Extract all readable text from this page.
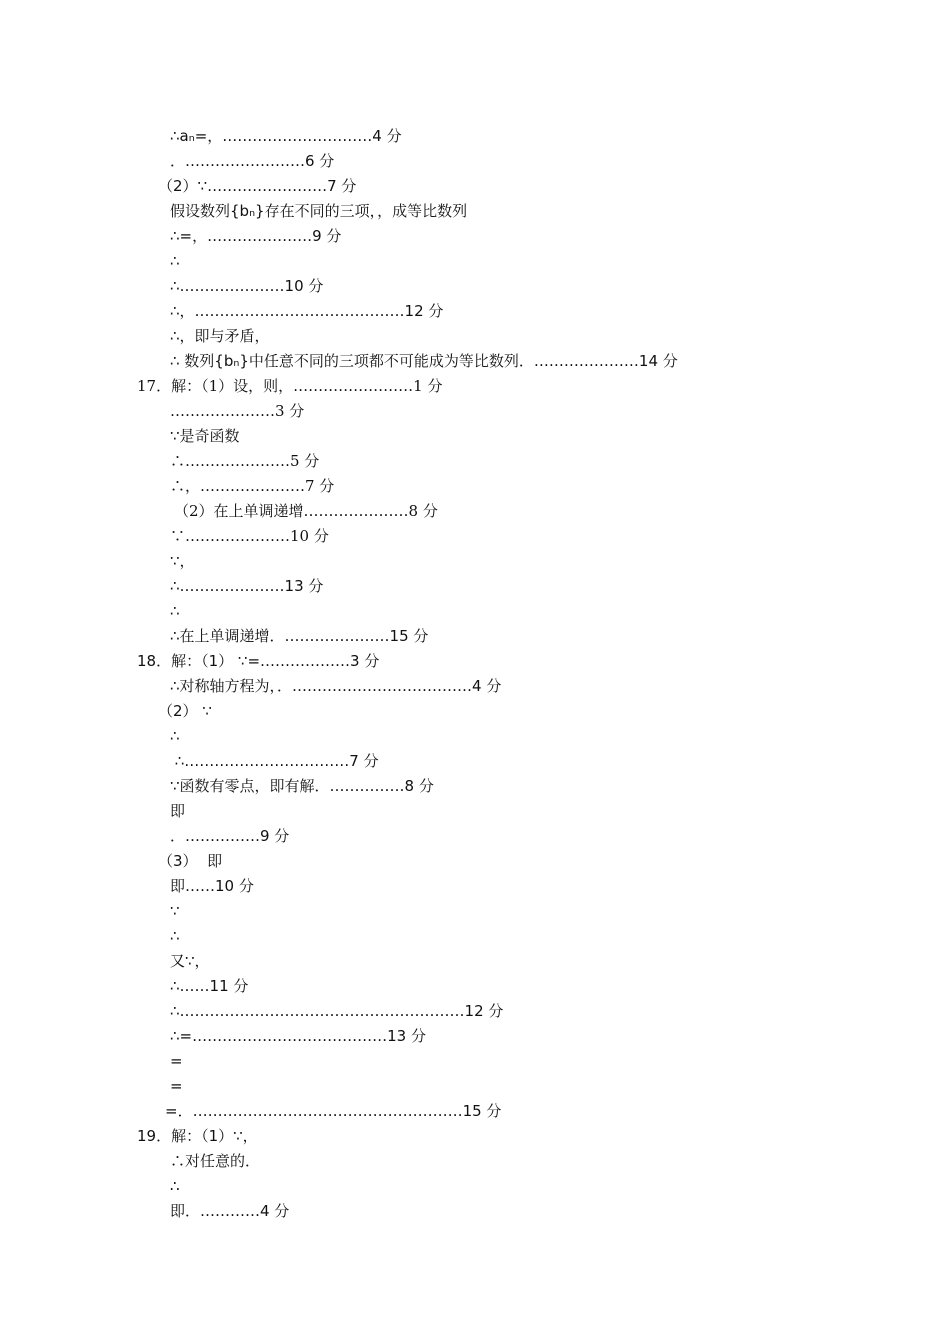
∴aₙ=，…………………………4 分
．……………………6 分
（2）∵……………………7 分
假设数列{bₙ}存在不同的三项，，成等比数列
∴=，…………………9 分
∴
∴…………………10 分
∴，……………………………………12 分
∴，即与矛盾，
∴ 数列{bₙ}中任意不同的三项都不可能成为等比数列．…………………14 分
17．解：（1）设，则，……………………1 分
…………………3 分
∵是奇函数
∴…………………5 分
∴，…………………7 分
（2）在上单调递增…………………8 分
∵…………………10 分
∵，
∴…………………13 分
∴
∴在上单调递增．…………………15 分
18．解：（1） ∵=………………3 分
∴对称轴方程为，．………………………………4 分
（2） ∵
∴
∴……………………………7 分
∵函数有零点，即有解．……………8 分
即
．……………9 分
（3）  即
即……10 分
∵
∴
又∵，
∴……11 分
∴…………………………………………………12 分
∴=…………………………………13 分
=
=
=．………………………………………………15 分
19．解：（1）∵，
∴对任意的．
∴
即．…………4 分
